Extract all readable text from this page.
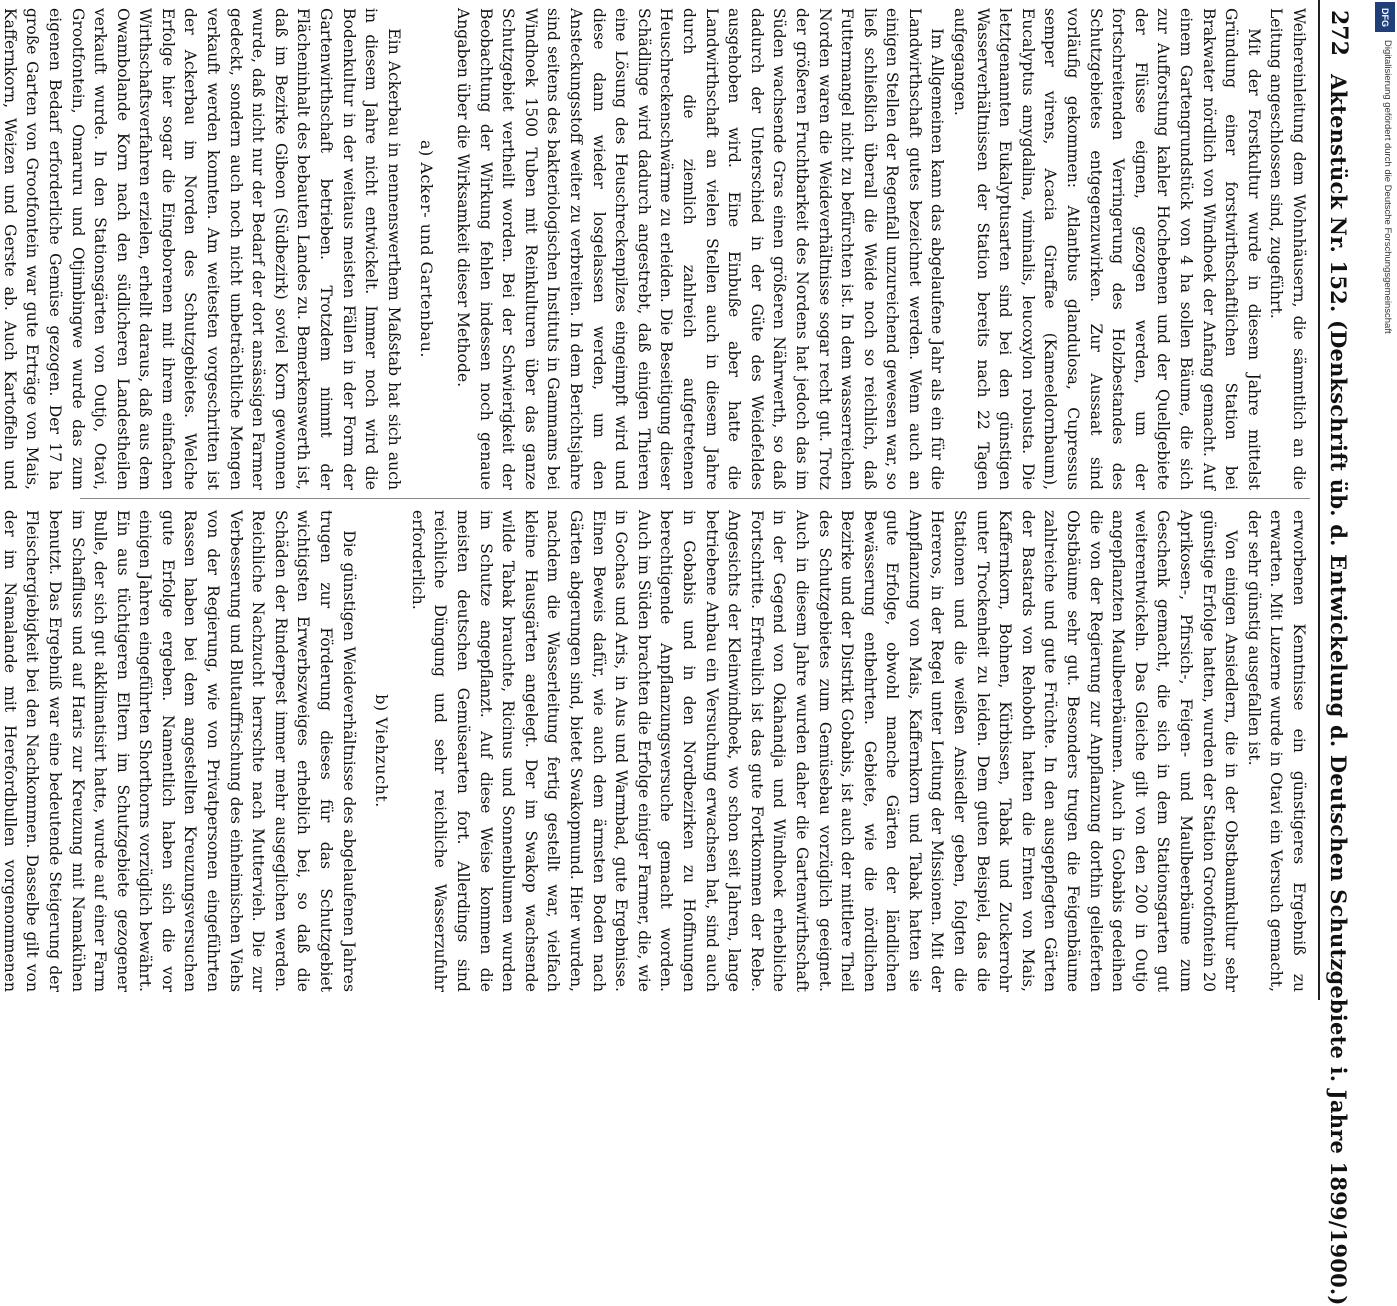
272
Aktenstück Nr. 152. (Denkschrift üb. d. Entwickelung d. Deutschen Schutzgebiete i. Jahre 1899/1900.)

Weihereinleitung dem Wohnhäusern, die sämmtlich an die Leitung angeschlossen sind, zugeführt.

Mit der Forstkultur wurde in diesem Jahre mittelst Gründung einer forstwirthschaftlichen Station bei Brakwater nördlich von Windhoek der Anfang gemacht. Auf einem Gartengrundstück von 4 ha sollen Bäume, die sich zur Aufforstung kahler Hochebenen und der Quellgebiete der Flüsse eignen, gezogen werden, um der fortschreitenden Verringerung des Holzbestandes des Schutzgebietes entgegenzuwirken. Zur Aussaat sind vorläufig gekommen: Atlantbus glandulosa, Cupressus semper virens, Acacia Giraffae (Kameeldornbaum), Eucalyptus amygdalina, viminalis, leucoxylon robusta. Die letztgenannten Eukalyptusarten sind bei den günstigen Wasserverhältnissen der Station bereits nach 22 Tagen aufgegangen.

Im Allgemeinen kann das abgelaufene Jahr als ein für die Landwirthschaft gutes bezeichnet werden. Wenn auch an einigen Stellen der Regenfall unzureichend gewesen war, so ließ schließlich überall die Weide noch so reichlich, daß Futtermangel nicht zu befürchten ist. In dem wasserreichen Norden waren die Weideverhältnisse sogar recht gut. Trotz der größeren Fruchtbarkeit des Nordens hat jedoch das im Süden wachsende Gras einen größeren Nährwerth, so daß dadurch der Unterschied in der Güte des Weidefeldes ausgehoben wird. Eine Einbuße aber hatte die Landwirthschaft an vielen Stellen auch in diesem Jahre durch die ziemlich zahlreich aufgetretenen Heuschreckenschwärme zu erleiden. Die Beseitigung dieser Schädlinge wird dadurch angestrebt, daß einigen Thieren eine Lösung des Heuschreckenpilzes eingeimpft wird und diese dann wieder losgelassen werden, um den Ansteckungsstoff weiter zu verbreiten. In dem Berichtsjahre sind seitens des bakteriologischen Instituts in Gammams bei Windhoek 1500 Tuben mit Reinkulturen über das ganze Schutzgebiet vertheilt worden. Bei der Schwierigkeit der Beobachtung der Wirkung fehlen indessen noch genaue Angaben über die Wirksamkeit dieser Methode.

a) Acker- und Gartenbau.

Ein Ackerbau in nennenswerthem Maßstab hat sich auch in diesem Jahre nicht entwickelt. Immer noch wird die Bodenkultur in der weitaus meisten Fällen in der Form der Gartenwirthschaft betrieben. Trotzdem nimmt der Flächeninhalt des bebauten Landes zu. Bemerkenswerth ist, daß im Bezirke Gibeon (Südbezirk) soviel Korn gewonnen wurde, daß nicht nur der Bedarf der dort ansässigen Farmer gedeckt, sondern auch noch nicht unbeträchtliche Mengen verkauft werden konnten. Am weitesten vorgeschritten ist der Ackerbau im Norden des Schutzgebietes. Welche Erfolge hier sogar die Eingeborenen mit ihrem einfachen Wirthschaftsverfahren erzielen, erhellt daraus, daß aus dem Owambolande Korn nach den südlicheren Landestheilen verkauft wurde. In den Stationsgärten von Outjo, Otavi, Grootfontein, Omaruru und Otjimbingwe wurde das zum eigenen Bedarf erforderliche Gemüse gezogen. Der 17 ha große Garten von Grootfontein war gute Erträge von Mais, Kaffernkorn, Weizen und Gerste ab. Auch Kartoffeln und

erworbenen Kenntnisse ein günstigeres Ergebniß zu erwarten. Mit Luzerne wurde in Otavi ein Versuch gemacht, der sehr günstig ausgefallen ist.

Von einigen Ansiedlern, die in der Obstbaumkultur sehr günstige Erfolge hatten, wurden der Station Grootfontein 20 Aprikosen-, Pfirsich-, Feigen- und Maulbeerbäume zum Geschenk gemacht, die sich in dem Stationsgarten gut weiterentwickeln. Das Gleiche gilt von den 200 in Outjo angepflanzten Maulbeerbäumen. Auch in Gobabis gedeihen die von der Regierung zur Anpflanzung dorthin gelieferten Obstbäume sehr gut. Besonders trugen die Feigenbäume zahlreiche und gute Früchte. In den ausgepflegten Gärten der Bastards von Rehoboth hatten die Ernten von Mais, Kaffernkorn, Bohnen, Kürbissen, Tabak und Zuckerrohr unter Trockenheit zu leiden. Dem guten Beispiel, das die Stationen und die weißen Ansiedler geben, folgten die Hereros, in der Regel unter Leitung der Missionen. Mit der Anpflanzung von Mais, Kaffernkorn und Tabak hatten sie gute Erfolge, obwohl manche Gärten der ländlichen Bewässerung entbehrten. Gebiete, wie die nördlichen Bezirke und der Distrikt Gobabis, ist auch der mittlere Theil des Schutzgebietes zum Gemüsebau vorzüglich geeignet. Auch in diesem Jahre wurden daher die Gartenwirthschaft in der Gegend von Okahandja und Windhoek erhebliche Fortschritte. Erfreulich ist das gute Fortkommen der Rebe. Angesichts der Kleinwindhoek, wo schon seit Jahren, lange betriebene Anbau ein Versuchung erwachsen hat, sind auch in Gobabis und in den Nordbezirken zu Hoffnungen berechtigende Anpflanzungsversuche gemacht worden. Auch im Süden brachten die Erfolge einiger Farmer, die, wie in Gochas und Aris, in Aus und Warmbad, gute Ergebnisse. Einen Beweis dafür, wie auch dem ärmsten Boden nach Gärten abgerungen sind, bietet Swakopmund. Hier wurden, nachdem die Wasserleitung fertig gestellt war, vielfach kleine Hausgärten angelegt. Der im Swakop wachsende wilde Tabak brauchte, Ricinus und Sonnenblumen wurden im Schutze angepflanzt. Auf diese Weise kommen die meisten deutschen Gemüsearten fort. Allerdings sind reichliche Düngung und sehr reichliche Wasserzufuhr erforderlich.

b) Viehzucht.

Die günstigen Weideverhältnisse des abgelaufenen Jahres trugen zur Förderung dieses für das Schutzgebiet wichtigsten Erwerbszweiges erheblich bei, so daß die Schäden der Rinderpest immer mehr ausgeglichen werden. Reichliche Nachzucht herrschte nach Muttervieh. Die zur Verbesserung und Blutauffrischung des einheimischen Viehs von der Regierung, wie von Privatpersonen eingeführten Rassen haben bei dem angestellten Kreuzungsversuchen gute Erfolge ergeben. Namentlich haben sich die vor einigen Jahren eingeführten Shorthorns vorzüglich bewährt. Ein aus tüchtigeren Eltern im Schutzgebiete gezogener Bulle, der sich gut akklimatisirt hatte, wurde auf einer Farm im Schaffluss und auf Haris zur Kreuzung mit Namakühen benutzt. Das Ergebniß war eine bedeutende Steigerung der Fleischergiebigkeit bei den Nachkommen. Dasselbe gilt von der im Namalande mit Herefordbullen vorgenommenen

DFG
Digitalisierung gefördert durch die Deutsche Forschungsgemeinschaft
